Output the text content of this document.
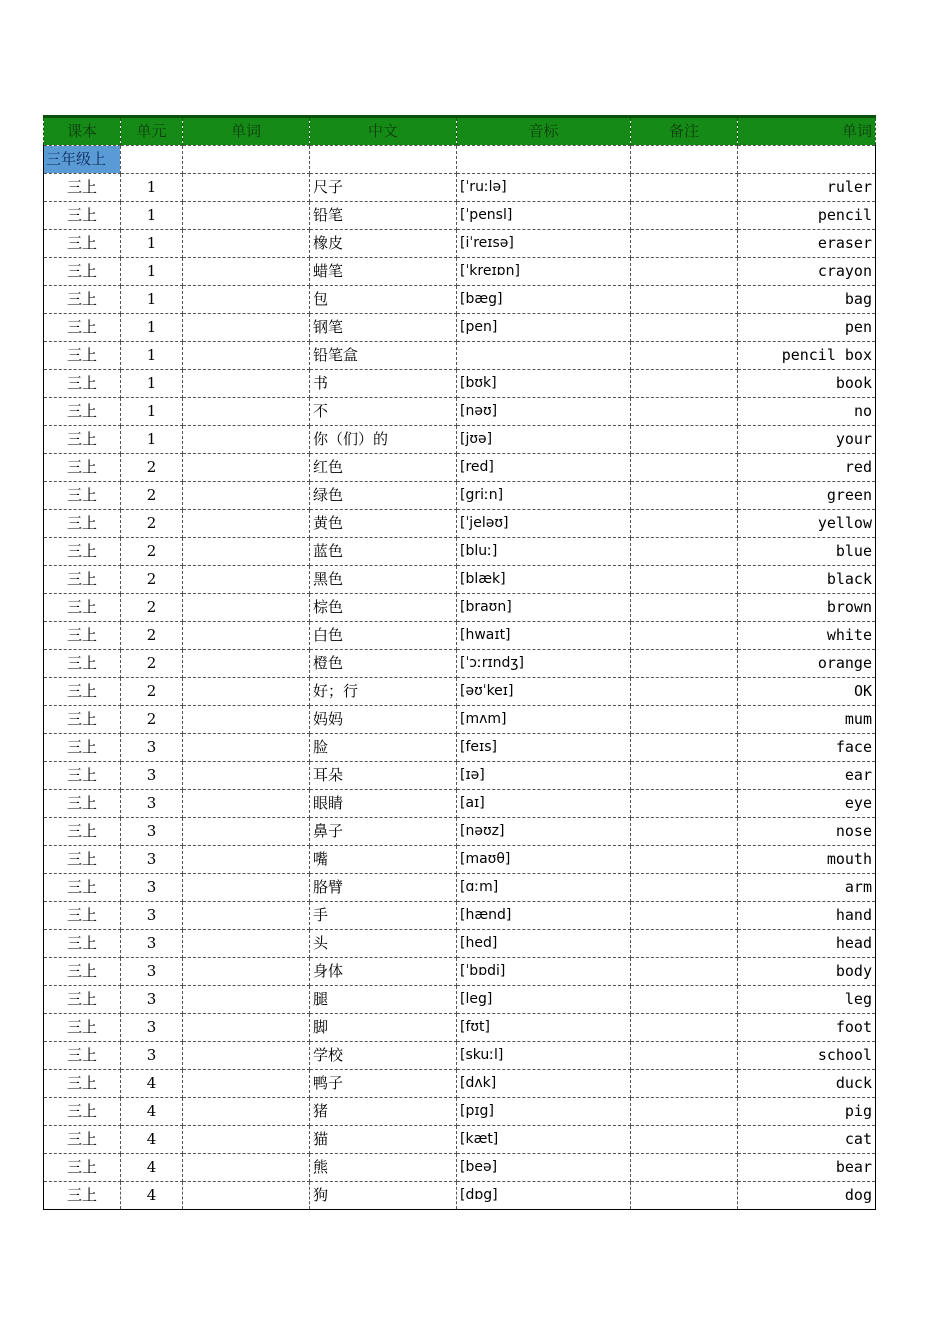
课本	单元	单词	中文	音标	备注	单词
三年级上						
三上	1		尺子	[ˈruːlə]		ruler
三上	1		铅笔	[ˈpensl]		pencil
三上	1		橡皮	[iˈreɪsə]		eraser
三上	1		蜡笔	[ˈkreɪɒn]		crayon
三上	1		包	[bæg]		bag
三上	1		钢笔	[pen]		pen
三上	1		铅笔盒			pencil box
三上	1		书	[bʊk]		book
三上	1		不	[nəʊ]		no
三上	1		你（们）的	[jʊə]		your
三上	2		红色	[red]		red
三上	2		绿色	[griːn]		green
三上	2		黄色	[ˈjeləʊ]		yellow
三上	2		蓝色	[bluː]		blue
三上	2		黑色	[blæk]		black
三上	2		棕色	[braʊn]		brown
三上	2		白色	[hwaɪt]		white
三上	2		橙色	[ˈɔːrɪndʒ]		orange
三上	2		好；行	[əʊˈkeɪ]		OK
三上	2		妈妈	[mʌm]		mum
三上	3		脸	[feɪs]		face
三上	3		耳朵	[ɪə]		ear
三上	3		眼睛	[aɪ]		eye
三上	3		鼻子	[nəʊz]		nose
三上	3		嘴	[maʊθ]		mouth
三上	3		胳臂	[ɑːm]		arm
三上	3		手	[hænd]		hand
三上	3		头	[hed]		head
三上	3		身体	[ˈbɒdi]		body
三上	3		腿	[leg]		leg
三上	3		脚	[fʊt]		foot
三上	3		学校	[skuːl]		school
三上	4		鸭子	[dʌk]		duck
三上	4		猪	[pɪg]		pig
三上	4		猫	[kæt]		cat
三上	4		熊	[beə]		bear
三上	4		狗	[dɒg]		dog
